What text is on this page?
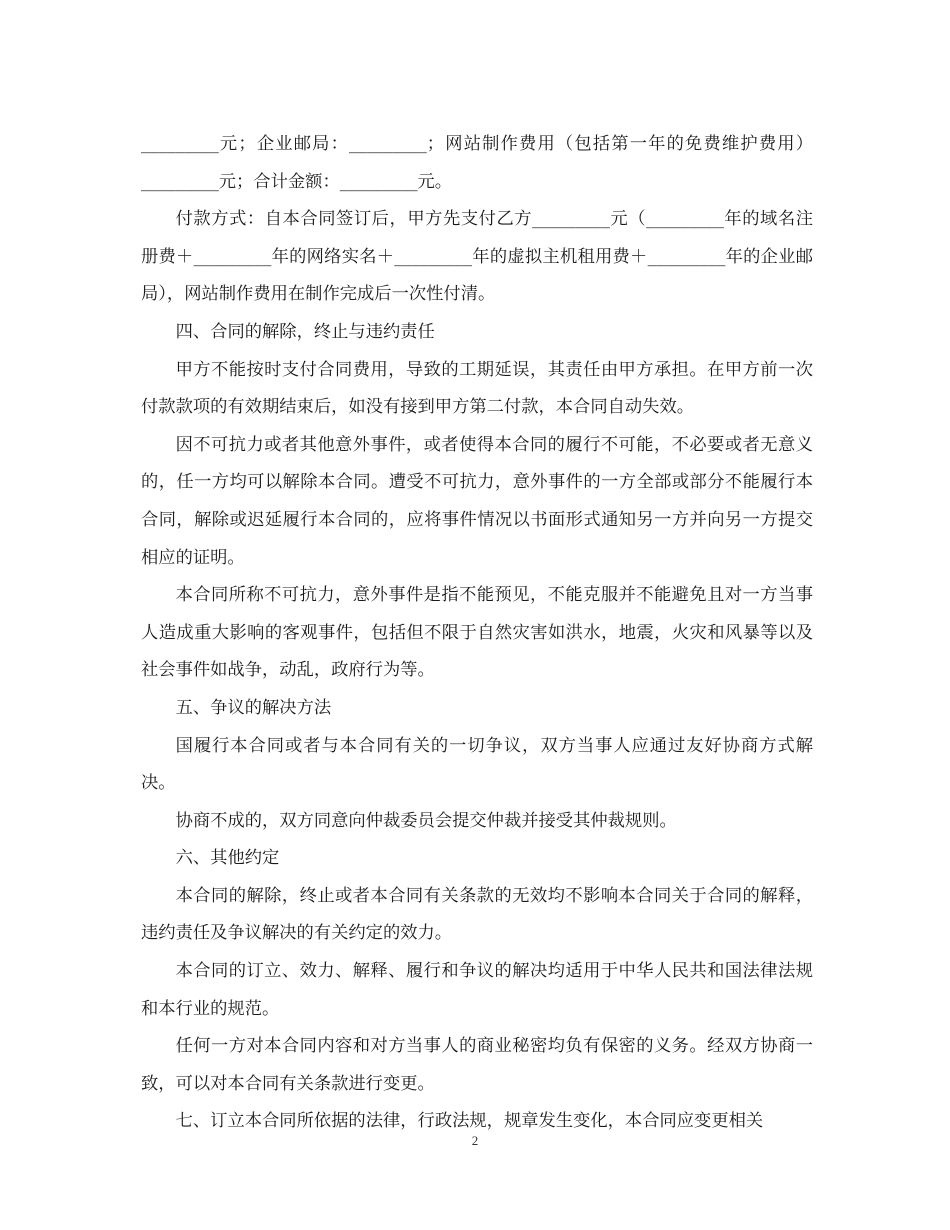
_________元；企业邮局：_________；网站制作费用（包括第一年的免费维护费用）_________元；合计金额：_________元。

付款方式：自本合同签订后，甲方先支付乙方_________元（_________年的域名注册费＋_________年的网络实名＋_________年的虚拟主机租用费＋_________年的企业邮局），网站制作费用在制作完成后一次性付清。

四、合同的解除，终止与违约责任

甲方不能按时支付合同费用，导致的工期延误，其责任由甲方承担。在甲方前一次付款款项的有效期结束后，如没有接到甲方第二付款，本合同自动失效。

因不可抗力或者其他意外事件，或者使得本合同的履行不可能，不必要或者无意义的，任一方均可以解除本合同。遭受不可抗力，意外事件的一方全部或部分不能履行本合同，解除或迟延履行本合同的，应将事件情况以书面形式通知另一方并向另一方提交相应的证明。

本合同所称不可抗力，意外事件是指不能预见，不能克服并不能避免且对一方当事人造成重大影响的客观事件，包括但不限于自然灾害如洪水，地震，火灾和风暴等以及社会事件如战争，动乱，政府行为等。

五、争议的解决方法

国履行本合同或者与本合同有关的一切争议，双方当事人应通过友好协商方式解决。

协商不成的，双方同意向仲裁委员会提交仲裁并接受其仲裁规则。

六、其他约定

本合同的解除，终止或者本合同有关条款的无效均不影响本合同关于合同的解释，违约责任及争议解决的有关约定的效力。

本合同的订立、效力、解释、履行和争议的解决均适用于中华人民共和国法律法规和本行业的规范。

任何一方对本合同内容和对方当事人的商业秘密均负有保密的义务。经双方协商一致，可以对本合同有关条款进行变更。

七、订立本合同所依据的法律，行政法规，规章发生变化，本合同应变更相关

2
